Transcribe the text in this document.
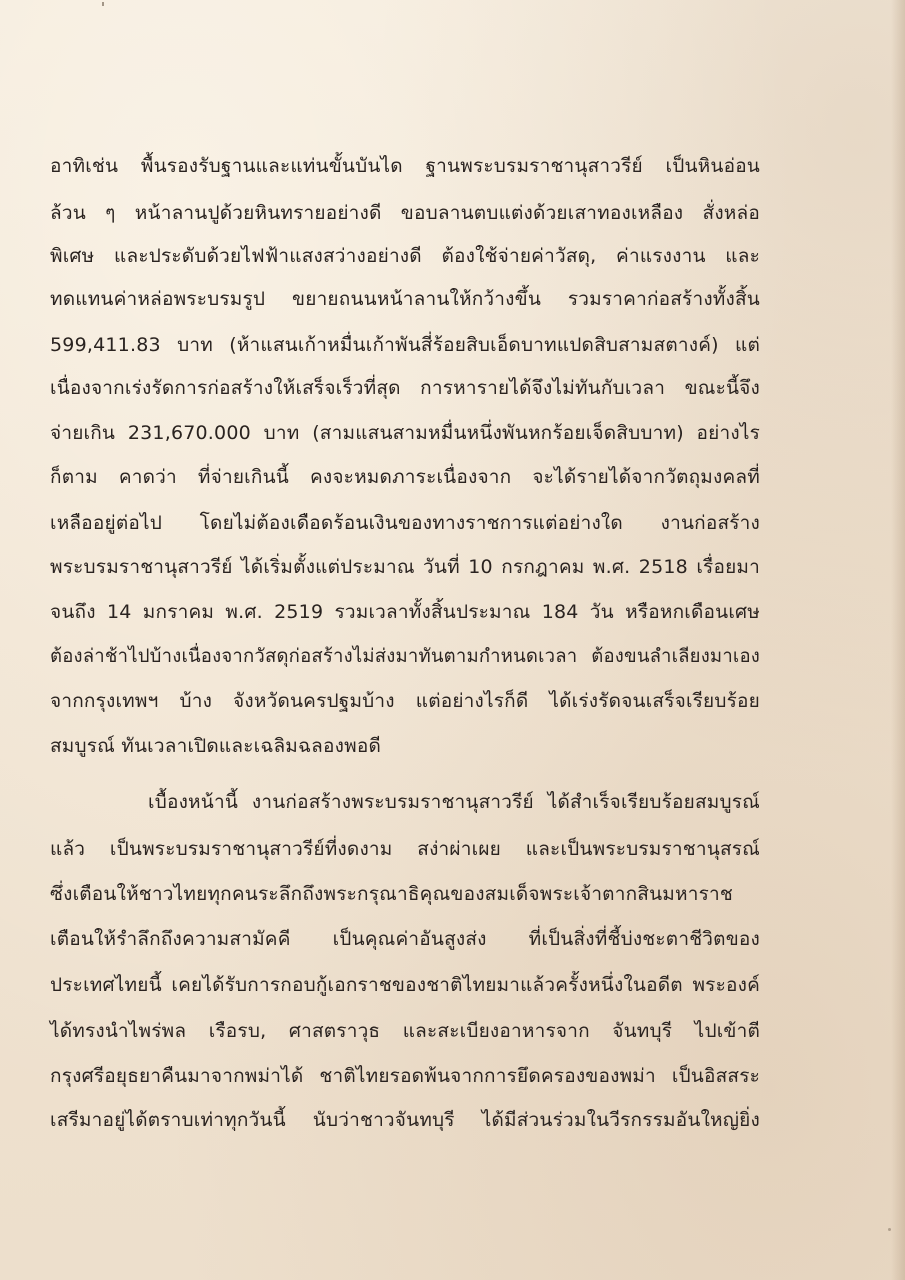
อาทิเช่น พื้นรองรับฐานและแท่นขั้นบันได ฐานพระบรมราชานุสาวรีย์ เป็นหินอ่อน
ล้วน ๆ หน้าลานปูด้วยหินทรายอย่างดี ขอบลานตบแต่งด้วยเสาทองเหลือง สั่งหล่อ
พิเศษ และประดับด้วยไฟฟ้าแสงสว่างอย่างดี ต้องใช้จ่ายค่าวัสดุ, ค่าแรงงาน และ
ทดแทนค่าหล่อพระบรมรูป ขยายถนนหน้าลานให้กว้างขึ้น รวมราคาก่อสร้างทั้งสิ้น
599,411.83 บาท (ห้าแสนเก้าหมื่นเก้าพันสี่ร้อยสิบเอ็ดบาทแปดสิบสามสตางค์) แต่
เนื่องจากเร่งรัดการก่อสร้างให้เสร็จเร็วที่สุด การหารายได้จึงไม่ทันกับเวลา ขณะนี้จึง
จ่ายเกิน 231,670.000 บาท (สามแสนสามหมื่นหนึ่งพันหกร้อยเจ็ดสิบบาท) อย่างไร
ก็ตาม คาดว่า ที่จ่ายเกินนี้ คงจะหมดภาระเนื่องจาก จะได้รายได้จากวัตถุมงคลที่
เหลืออยู่ต่อไป โดยไม่ต้องเดือดร้อนเงินของทางราชการแต่อย่างใด งานก่อสร้าง
พระบรมราชานุสาวรีย์ ได้เริ่มตั้งแต่ประมาณ วันที่ 10 กรกฎาคม พ.ศ. 2518 เรื่อยมา
จนถึง 14 มกราคม พ.ศ. 2519 รวมเวลาทั้งสิ้นประมาณ 184 วัน หรือหกเดือนเศษ
ต้องล่าช้าไปบ้างเนื่องจากวัสดุก่อสร้างไม่ส่งมาทันตามกำหนดเวลา ต้องขนลำเลียงมาเอง
จากกรุงเทพฯ บ้าง จังหวัดนครปฐมบ้าง แต่อย่างไรก็ดี ได้เร่งรัดจนเสร็จเรียบร้อย
สมบูรณ์ ทันเวลาเปิดและเฉลิมฉลองพอดี
เบื้องหน้านี้ งานก่อสร้างพระบรมราชานุสาวรีย์ ได้สำเร็จเรียบร้อยสมบูรณ์
แล้ว เป็นพระบรมราชานุสาวรีย์ที่งดงาม สง่าผ่าเผย และเป็นพระบรมราชานุสรณ์
ซึ่งเตือนให้ชาวไทยทุกคนระลึกถึงพระกรุณาธิคุณของสมเด็จพระเจ้าตากสินมหาราช
เตือนให้รำลึกถึงความสามัคคี เป็นคุณค่าอันสูงส่ง ที่เป็นสิ่งที่ชี้บ่งชะตาชีวิตของ
ประเทศไทยนี้ เคยได้รับการกอบกู้เอกราชของชาติไทยมาแล้วครั้งหนึ่งในอดีต พระองค์
ได้ทรงนำไพร่พล เรือรบ, ศาสตราวุธ และสะเบียงอาหารจาก จันทบุรี ไปเข้าตี
กรุงศรีอยุธยาคืนมาจากพม่าได้ ชาติไทยรอดพ้นจากการยึดครองของพม่า เป็นอิสสระ
เสรีมาอยู่ได้ตราบเท่าทุกวันนี้ นับว่าชาวจันทบุรี ได้มีส่วนร่วมในวีรกรรมอันใหญ่ยิ่ง
